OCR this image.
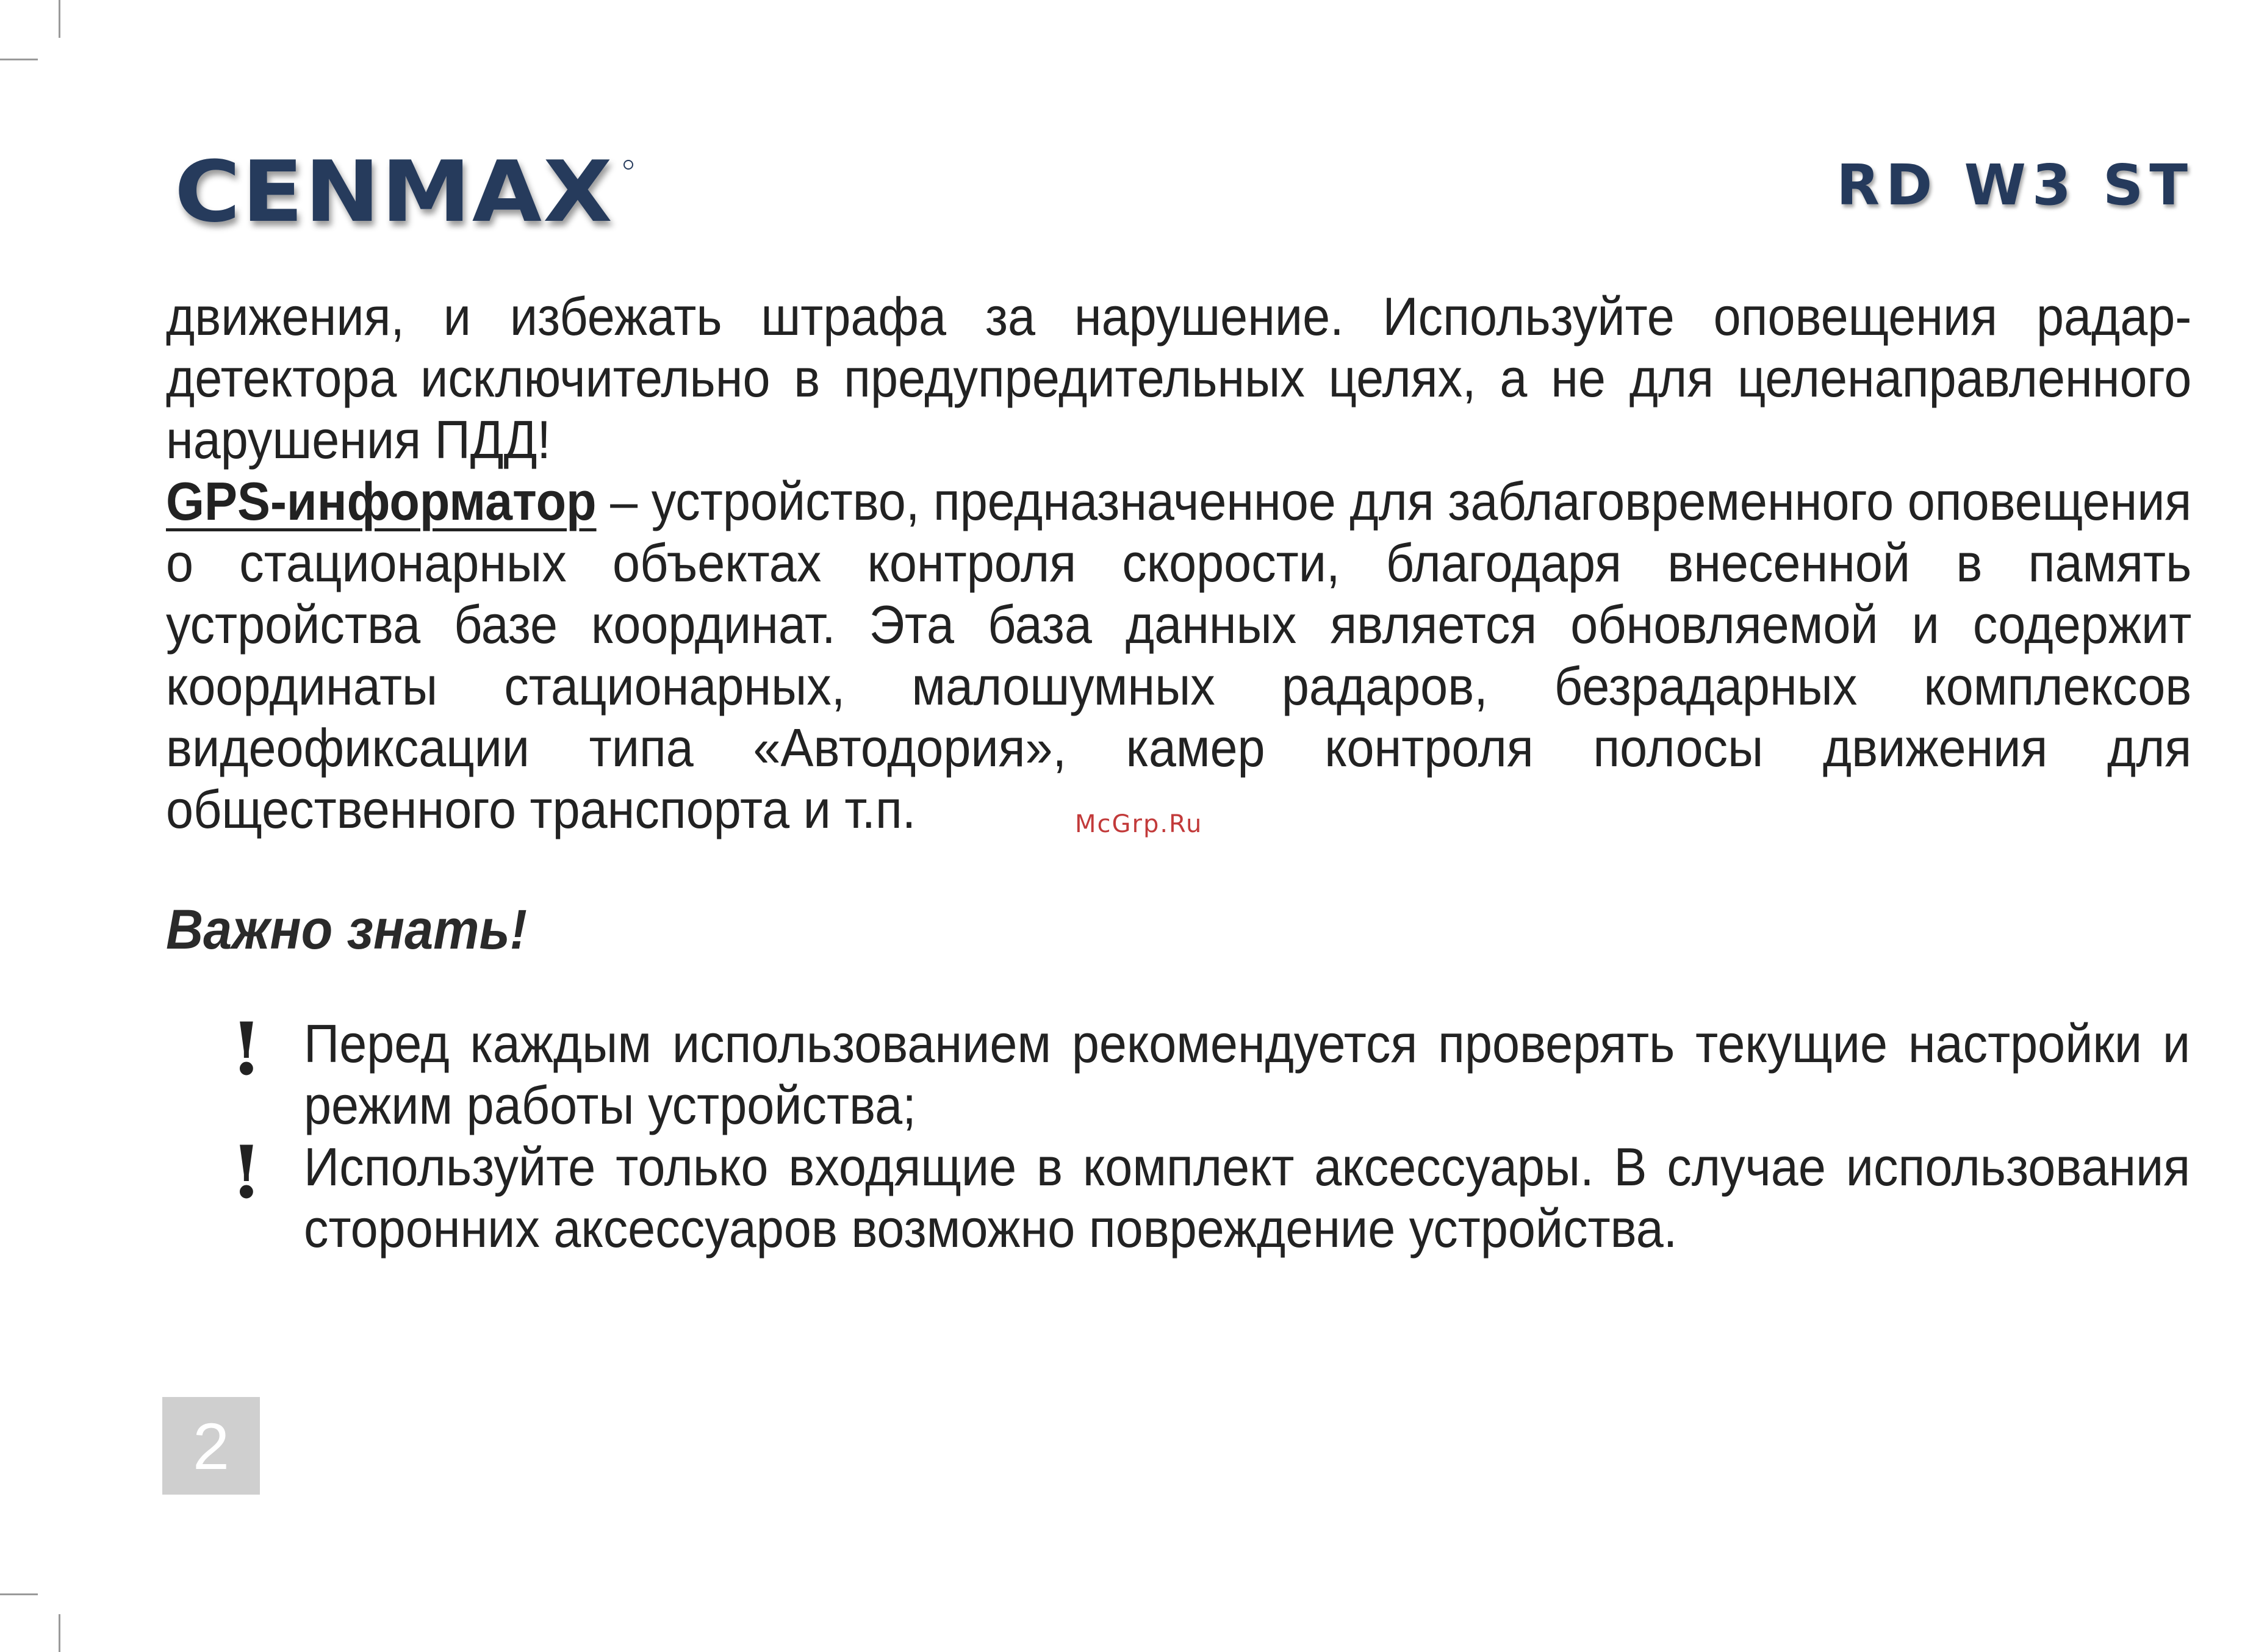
CENMAX	RD W3 ST

движения, и избежать штрафа за нарушение. Используйте оповещения радар-детектора исключительно в предупредительных целях, а не для целенаправленного нарушения ПДД!

GPS-информатор – устройство, предназначенное для заблаговременного оповещения о стационарных объектах контроля скорости, благодаря внесенной в память устройства базе координат. Эта база данных является обновляемой и содержит координаты стационарных, малошумных радаров, безрадарных комплексов видеофиксации типа «Автодория», камер контроля полосы движения для общественного транспорта и т.п.	McGrp.Ru
Важно знать!
! Перед каждым использованием рекомендуется проверять текущие настройки и режим работы устройства;
! Используйте только входящие в комплект аксессуары. В случае использования сторонних аксессуаров возможно повреждение устройства.
2
